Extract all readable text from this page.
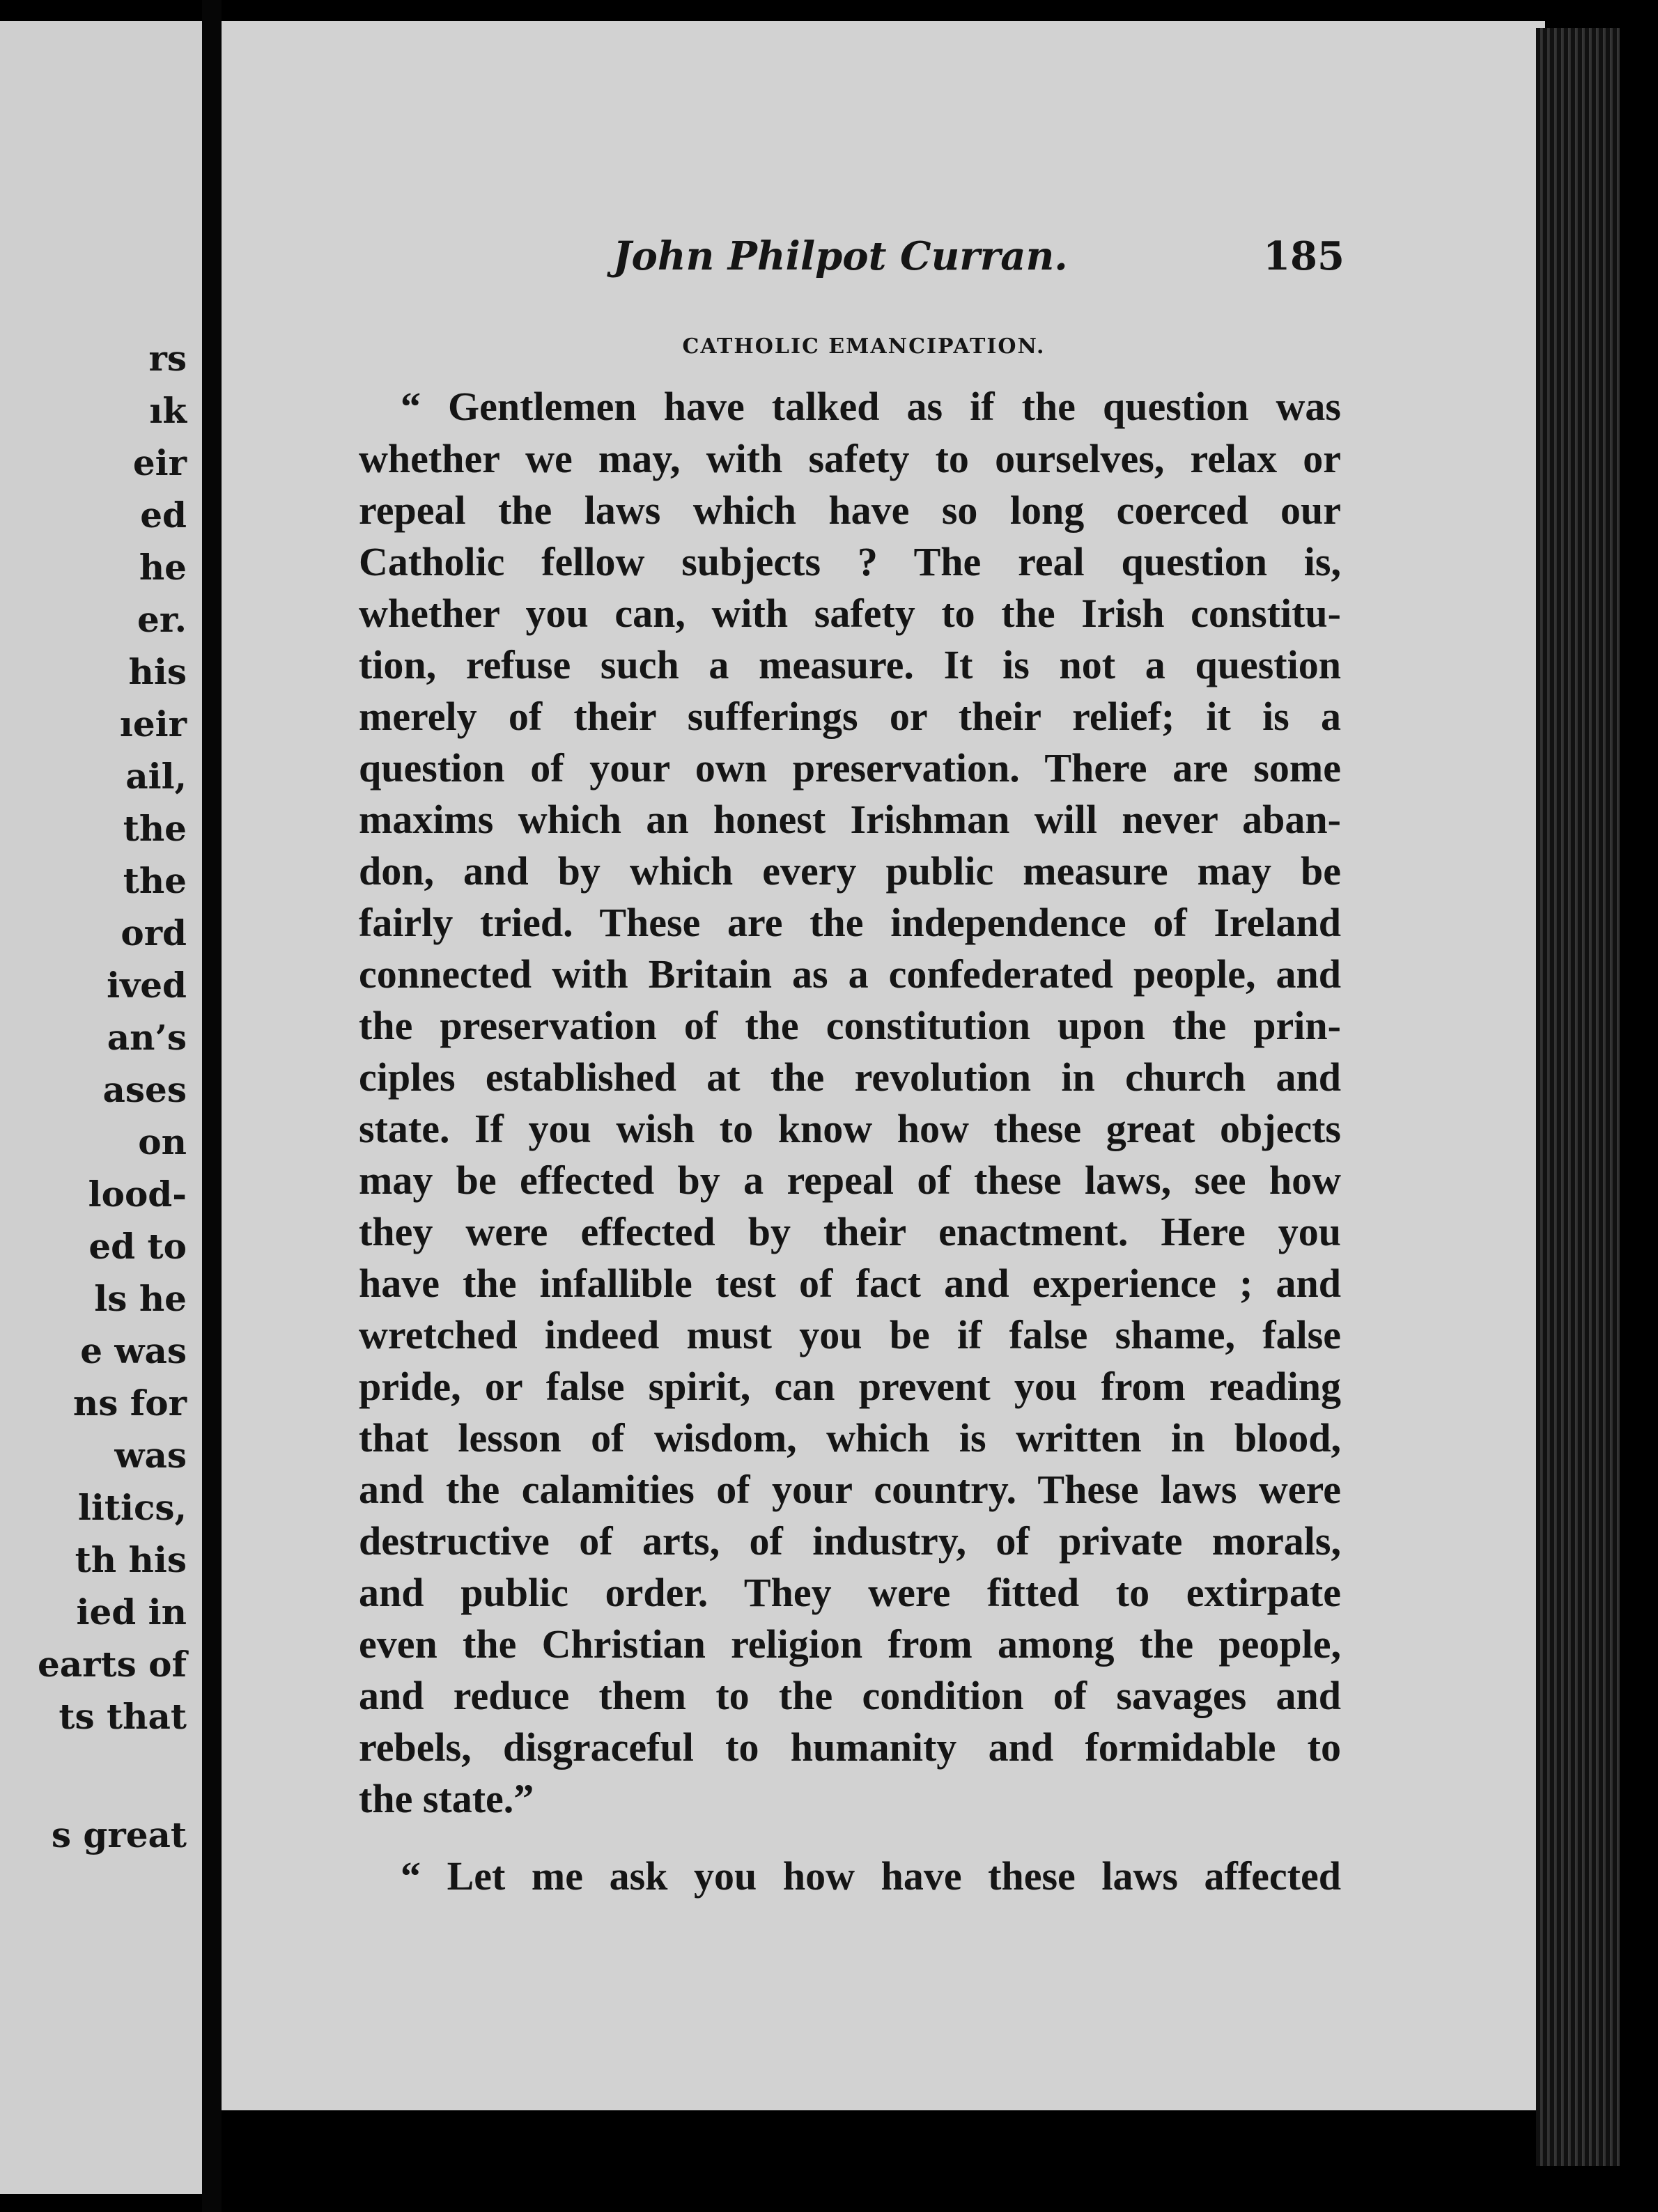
rs
ık
eir
ed
he
er.
his
ıeir
ail,
the
the
ord
ived
an’s
ases
on
lood-
ed to
ls he
e was
ns for
was
litics,
th his
ied in
earts of
ts that
s great
John Philpot Curran.	185
CATHOLIC EMANCIPATION.
“ Gentlemen have talked as if the question was
whether we may, with safety to ourselves, relax or
repeal the laws which have so long coerced our
Catholic fellow subjects ? The real question is,
whether you can, with safety to the Irish constitu-
tion, refuse such a measure. It is not a question
merely of their sufferings or their relief; it is a
question of your own preservation. There are some
maxims which an honest Irishman will never aban-
don, and by which every public measure may be
fairly tried. These are the independence of Ireland
connected with Britain as a confederated people, and
the preservation of the constitution upon the prin-
ciples established at the revolution in church and
state. If you wish to know how these great objects
may be effected by a repeal of these laws, see how
they were effected by their enactment. Here you
have the infallible test of fact and experience ; and
wretched indeed must you be if false shame, false
pride, or false spirit, can prevent you from reading
that lesson of wisdom, which is written in blood,
and the calamities of your country. These laws were
destructive of arts, of industry, of private morals,
and public order. They were fitted to extirpate
even the Christian religion from among the people,
and reduce them to the condition of savages and
rebels, disgraceful to humanity and formidable to
the state.”
“ Let me ask you how have these laws affected
